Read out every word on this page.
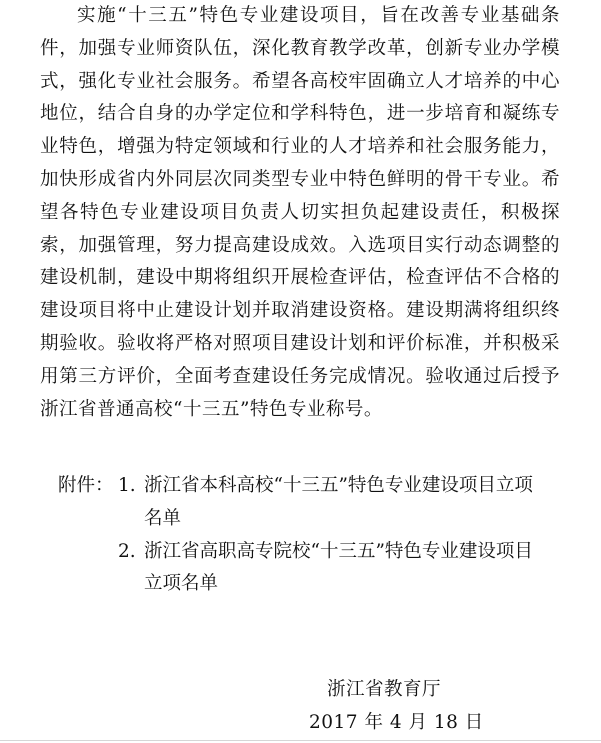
实施“十三五”特色专业建设项目，旨在改善专业基础条件，加强专业师资队伍，深化教育教学改革，创新专业办学模式，强化专业社会服务。希望各高校牢固确立人才培养的中心地位，结合自身的办学定位和学科特色，进一步培育和凝练专业特色，增强为特定领域和行业的人才培养和社会服务能力，加快形成省内外同层次同类型专业中特色鲜明的骨干专业。希望各特色专业建设项目负责人切实担负起建设责任，积极探索，加强管理，努力提高建设成效。入选项目实行动态调整的建设机制，建设中期将组织开展检查评估，检查评估不合格的建设项目将中止建设计划并取消建设资格。建设期满将组织终期验收。验收将严格对照项目建设计划和评价标准，并积极采用第三方评价，全面考查建设任务完成情况。验收通过后授予浙江省普通高校“十三五”特色专业称号。

附件： 1. 浙江省本科高校“十三五”特色专业建设项目立项名单
2. 浙江省高职高专院校“十三五”特色专业建设项目立项名单
浙江省教育厅
2017 年 4 月 18 日
